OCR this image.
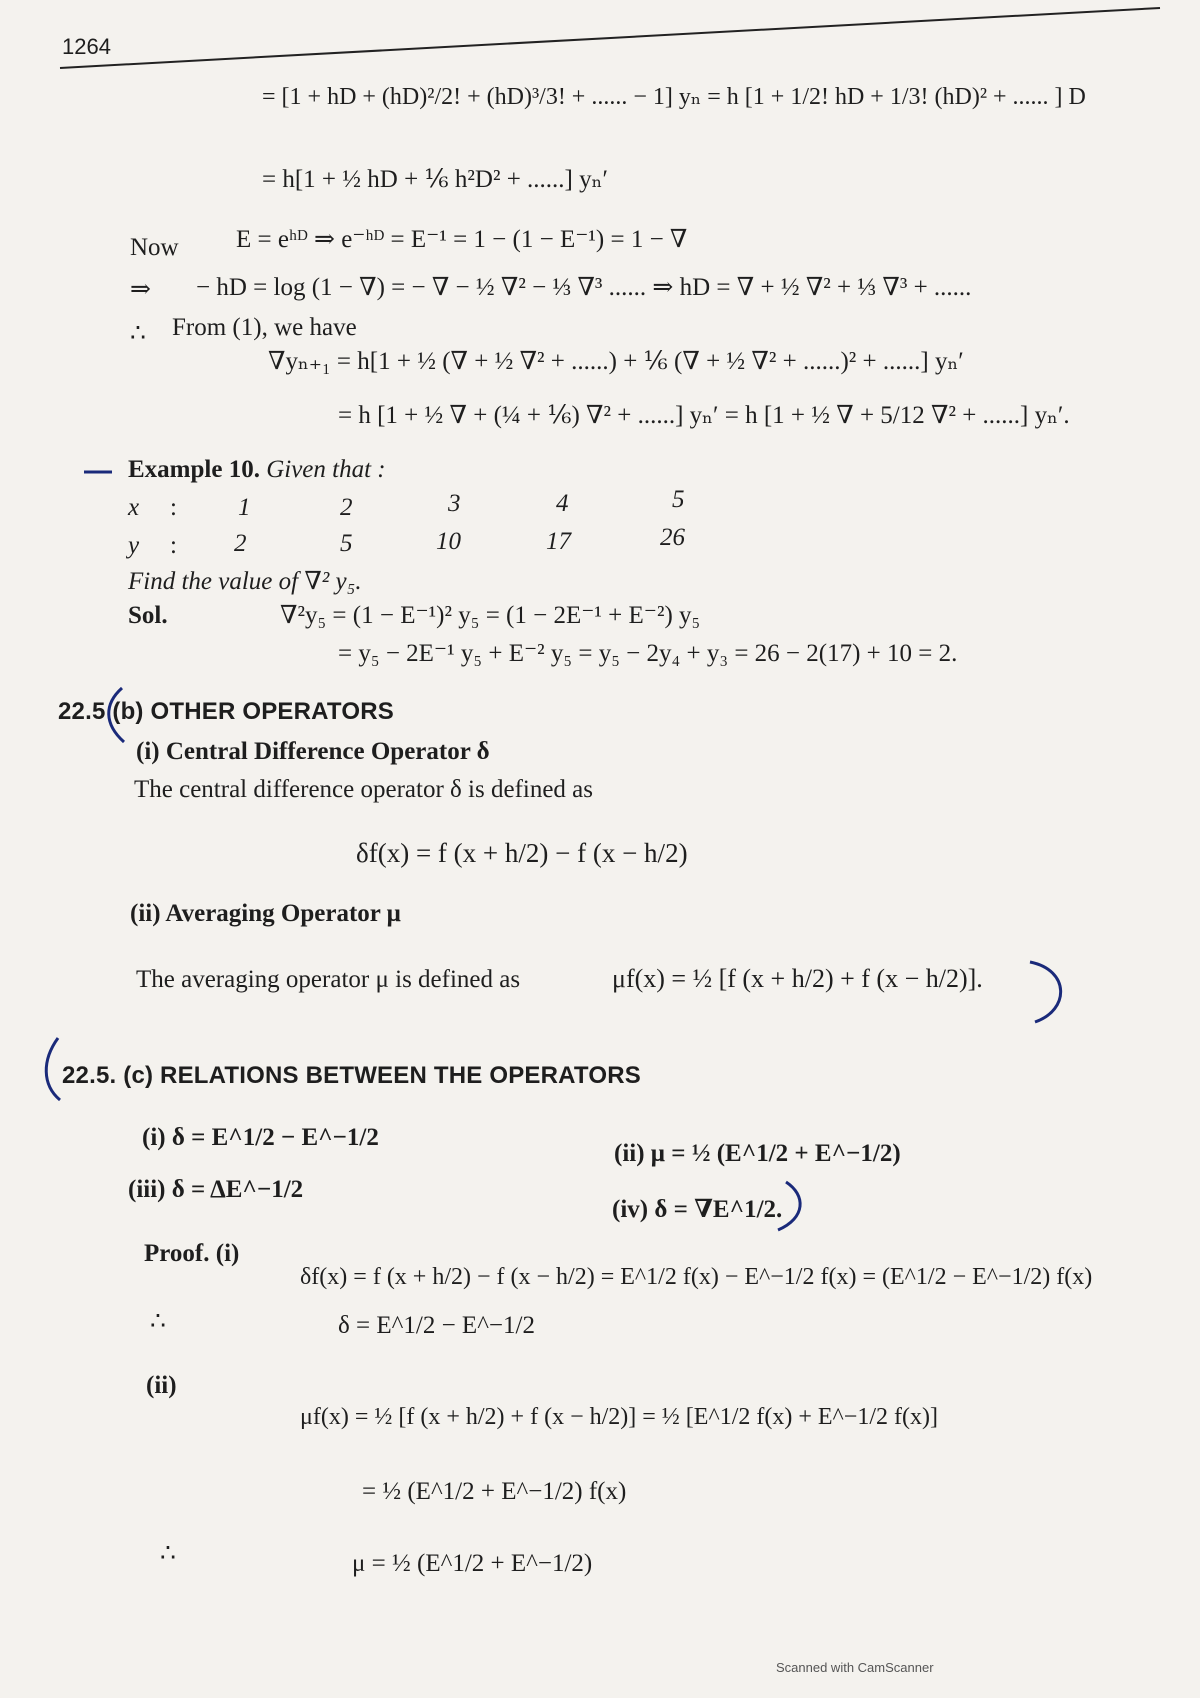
1264
= [1 + hD + (hD)²/2! + (hD)³/3! + ...... − 1] yₙ = h [1 + 1/2! hD + 1/3! (hD)² + ...... ] D
= h[1 + ½ hD + ⅙ h²D² + ......] yₙ′
Now E = eʰᴰ ⇒ e⁻ʰᴰ = E⁻¹ = 1 − (1 − E⁻¹) = 1 − ∇
⇒ − hD = log (1 − ∇) = − ∇ − ½ ∇² − ⅓ ∇³ ...... ⇒ hD = ∇ + ½ ∇² + ⅓ ∇³ + ......
∴ From (1), we have
∇yₙ₊₁ = h[1 + ½ (∇ + ½ ∇² + ......) + ⅙ (∇ + ½ ∇² + ......)² + ......] yₙ′
= h [1 + ½ ∇ + (¼ + ⅙) ∇² + ......] yₙ′ = h [1 + ½ ∇ + 5/12 ∇² + ......] yₙ′.
Example 10. Given that :
x : 1	2	3	4	5
y : 2	5	10	17	26
Find the value of ∇² y₅.
Sol.	∇²y₅ = (1 − E⁻¹)² y₅ = (1 − 2E⁻¹ + E⁻²) y₅
= y₅ − 2E⁻¹ y₅ + E⁻² y₅ = y₅ − 2y₄ + y₃ = 26 − 2(17) + 10 = 2.
22.5 (b) OTHER OPERATORS
(i) Central Difference Operator δ
The central difference operator δ is defined as
δf(x) = f (x + h/2) − f (x − h/2)
(ii) Averaging Operator μ
The averaging operator μ is defined as	μf(x) = ½ [f (x + h/2) + f (x − h/2)].
22.5. (c) RELATIONS BETWEEN THE OPERATORS
(i) δ = E^1/2 − E^−1/2
(ii) μ = ½ (E^1/2 + E^−1/2)
(iii) δ = ΔE^−1/2
(iv) δ = ∇E^1/2.
Proof. (i)
δf(x) = f (x + h/2) − f (x − h/2) = E^1/2 f(x) − E^−1/2 f(x) = (E^1/2 − E^−1/2) f(x)
∴	δ = E^1/2 − E^−1/2
(ii)
μf(x) = ½ [f (x + h/2) + f (x − h/2)] = ½ [E^1/2 f(x) + E^−1/2 f(x)]
= ½ (E^1/2 + E^−1/2) f(x)
∴	μ = ½ (E^1/2 + E^−1/2)
Scanned with CamScanner
